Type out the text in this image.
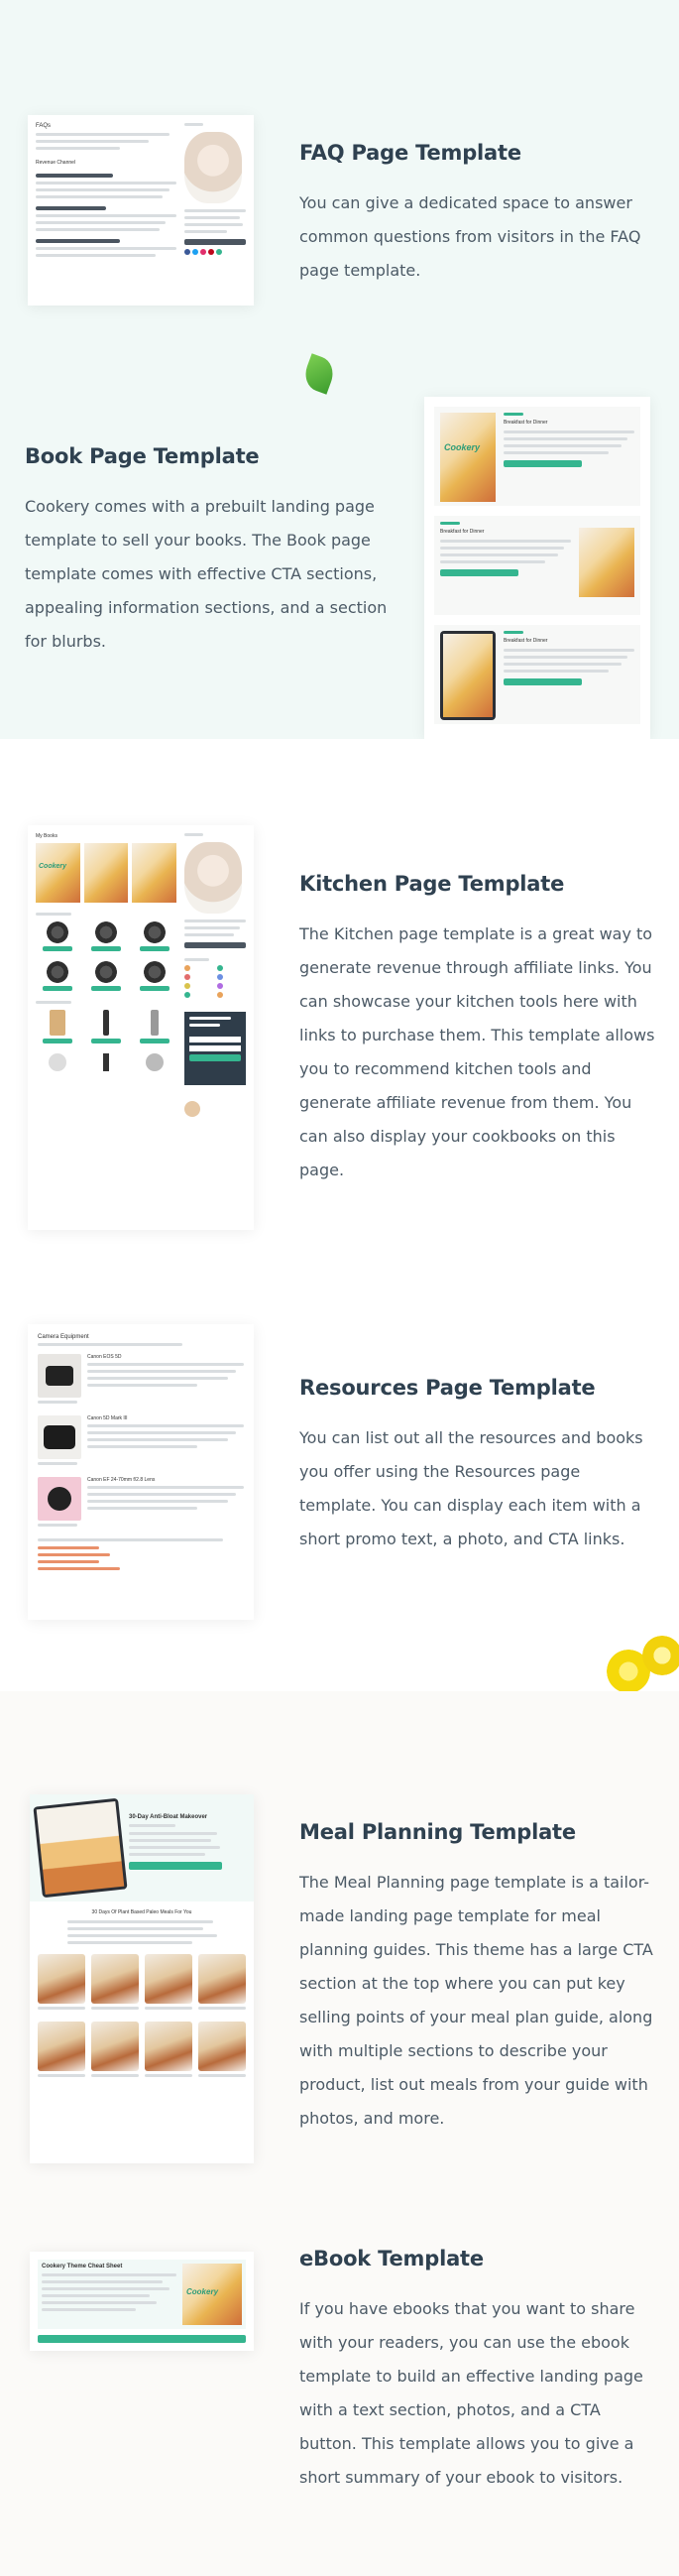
FAQs
Revenue Channel	FAQ Page Template

You can give a dedicated space to answer common questions from visitors in the FAQ page template.

Book Page Template

Cookery comes with a prebuilt landing page template to sell your books. The Book page template comes with effective CTA sections, appealing information sections, and a section for blurbs.

Cookery
Breakfast for Dinner
Breakfast for Dinner
Breakfast for Dinner
My Books
Cookery
Kitchen Page Template

The Kitchen page template is a great way to generate revenue through affiliate links. You can showcase your kitchen tools here with links to purchase them. This template allows you to recommend kitchen tools and generate affiliate revenue from them. You can also display your cookbooks on this page.

Camera Equipment
Canon EOS 5D
Canon 5D Mark III
Canon EF 24-70mm f/2.8 Lens
Resources Page Template

You can list out all the resources and books you offer using the Resources page template. You can display each item with a short promo text, a photo, and CTA links.

30-Day Anti-Bloat Makeover
30 Days Of Plant Based Paleo Meals For You
Meal Planning Template

The Meal Planning page template is a tailor-made landing page template for meal planning guides. This theme has a large CTA section at the top where you can put key selling points of your meal plan guide, along with multiple sections to describe your product, list out meals from your guide with photos, and more.

Cookery Theme Cheat Sheet
Cookery
eBook Template

If you have ebooks that you want to share with your readers, you can use the ebook template to build an effective landing page with a text section, photos, and a CTA button. This template allows you to give a short summary of your ebook to visitors.
